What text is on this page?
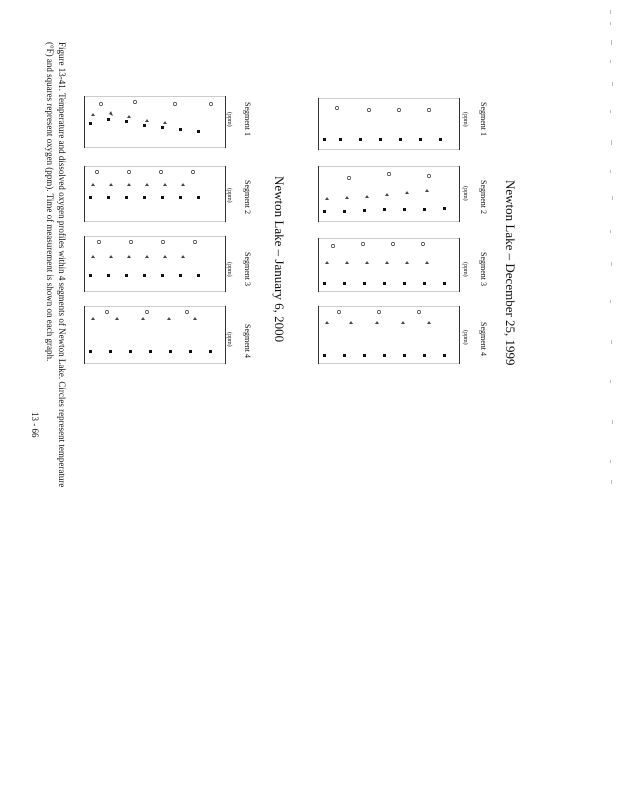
Newton Lake – December 25, 1999
Newton Lake – January 6, 2000
Figure 13-41. Temperature and dissolved oxygen profiles within 4 segments of Newton Lake. Circles represent temperature
(°F) and squares represent oxygen (ppm). Time of measurement is shown on each graph.
13 - 66
Segment 1
Segment 2
Segment 3
Segment 4
Segment 1
Segment 2
Segment 3
Segment 4
(ppm)
(ppm)
(ppm)
(ppm)
(ppm)
(ppm)
(ppm)
(ppm)
